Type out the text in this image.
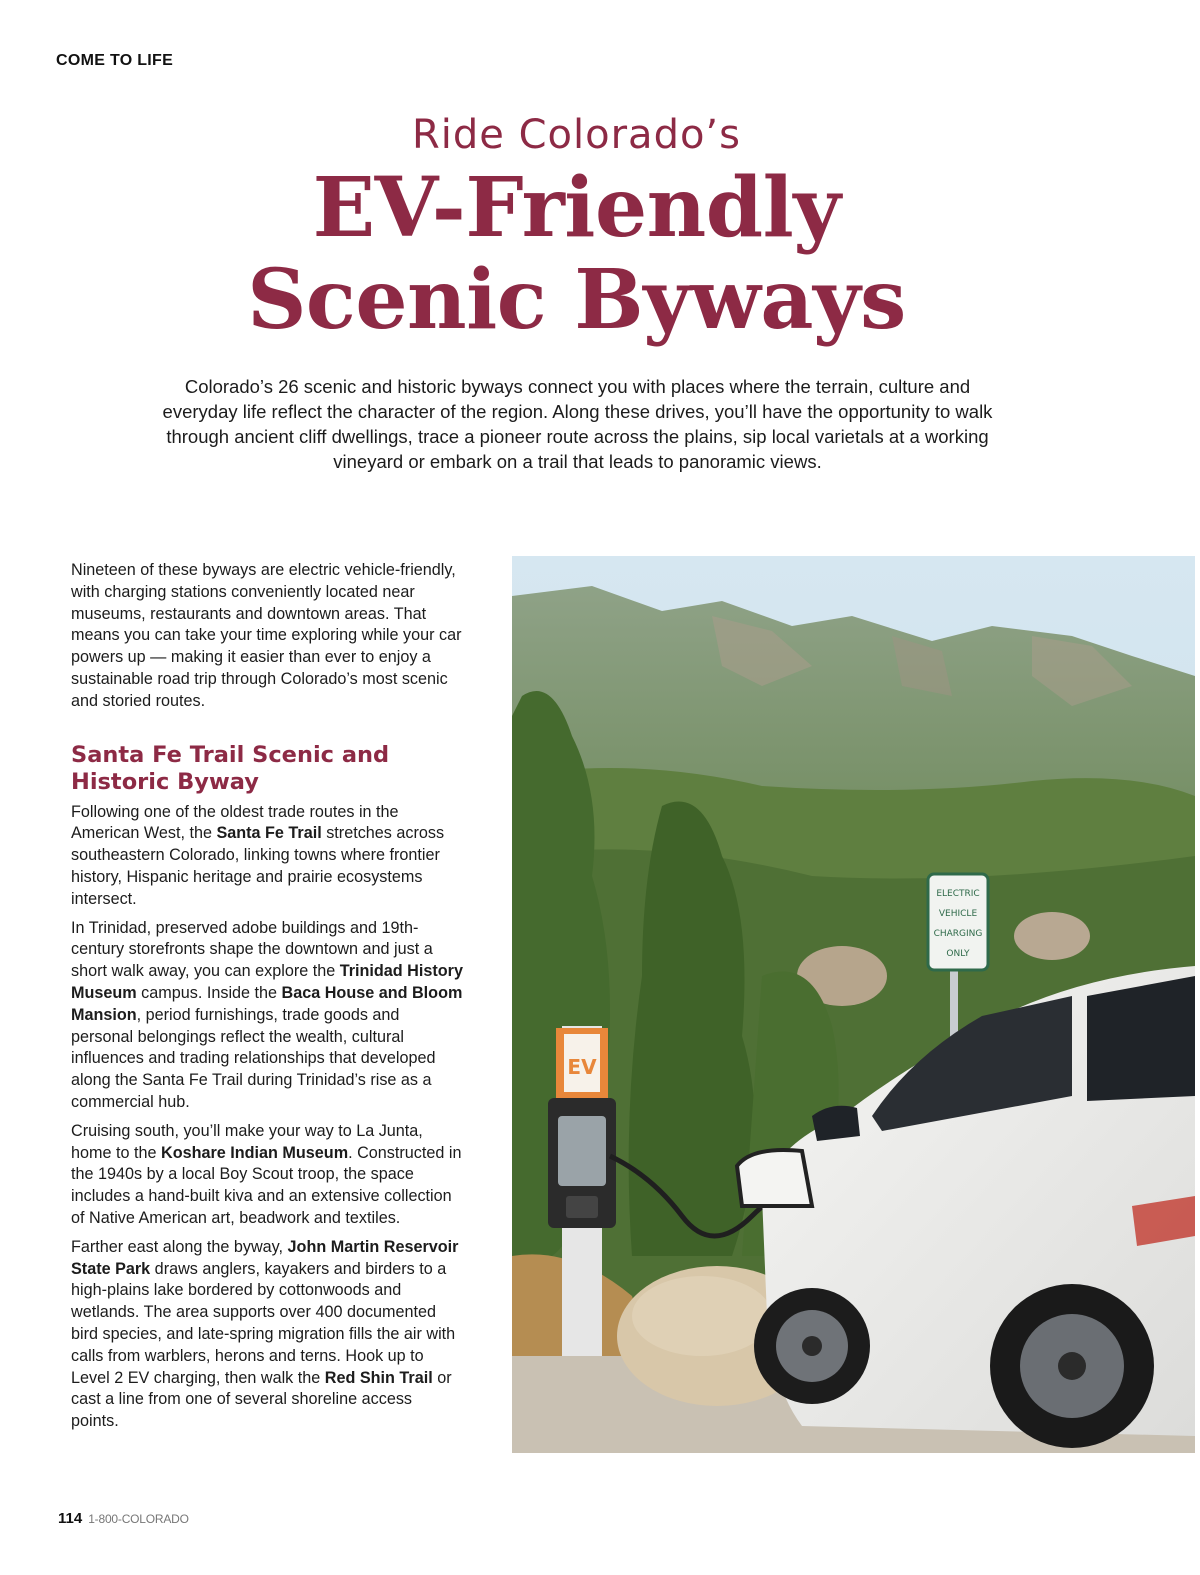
COME TO LIFE
Ride Colorado’s
EV-Friendly
Scenic Byways
Colorado’s 26 scenic and historic byways connect you with places where the terrain, culture and everyday life reflect the character of the region. Along these drives, you’ll have the opportunity to walk through ancient cliff dwellings, trace a pioneer route across the plains, sip local varietals at a working vineyard or embark on a trail that leads to panoramic views.

Nineteen of these byways are electric vehicle-friendly, with charging stations conveniently located near museums, restaurants and downtown areas. That means you can take your time exploring while your car powers up — making it easier than ever to enjoy a sustainable road trip through Colorado’s most scenic and storied routes.

Santa Fe Trail Scenic and Historic Byway

Following one of the oldest trade routes in the American West, the Santa Fe Trail stretches across southeastern Colorado, linking towns where frontier history, Hispanic heritage and prairie ecosystems intersect.

In Trinidad, preserved adobe buildings and 19th-century storefronts shape the downtown and just a short walk away, you can explore the Trinidad History Museum campus. Inside the Baca House and Bloom Mansion, period furnishings, trade goods and personal belongings reflect the wealth, cultural influences and trading relationships that developed along the Santa Fe Trail during Trinidad’s rise as a commercial hub.

Cruising south, you’ll make your way to La Junta, home to the Koshare Indian Museum. Constructed in the 1940s by a local Boy Scout troop, the space includes a hand-built kiva and an extensive collection of Native American art, beadwork and textiles.

Farther east along the byway, John Martin Reservoir State Park draws anglers, kayakers and birders to a high-plains lake bordered by cottonwoods and wetlands. The area supports over 400 documented bird species, and late-spring migration fills the air with calls from warblers, herons and terns. Hook up to Level 2 EV charging, then walk the Red Shin Trail or cast a line from one of several shoreline access points.

ELECTRIC
VEHICLE
CHARGING
ONLY
EV
114 1-800-COLORADO
